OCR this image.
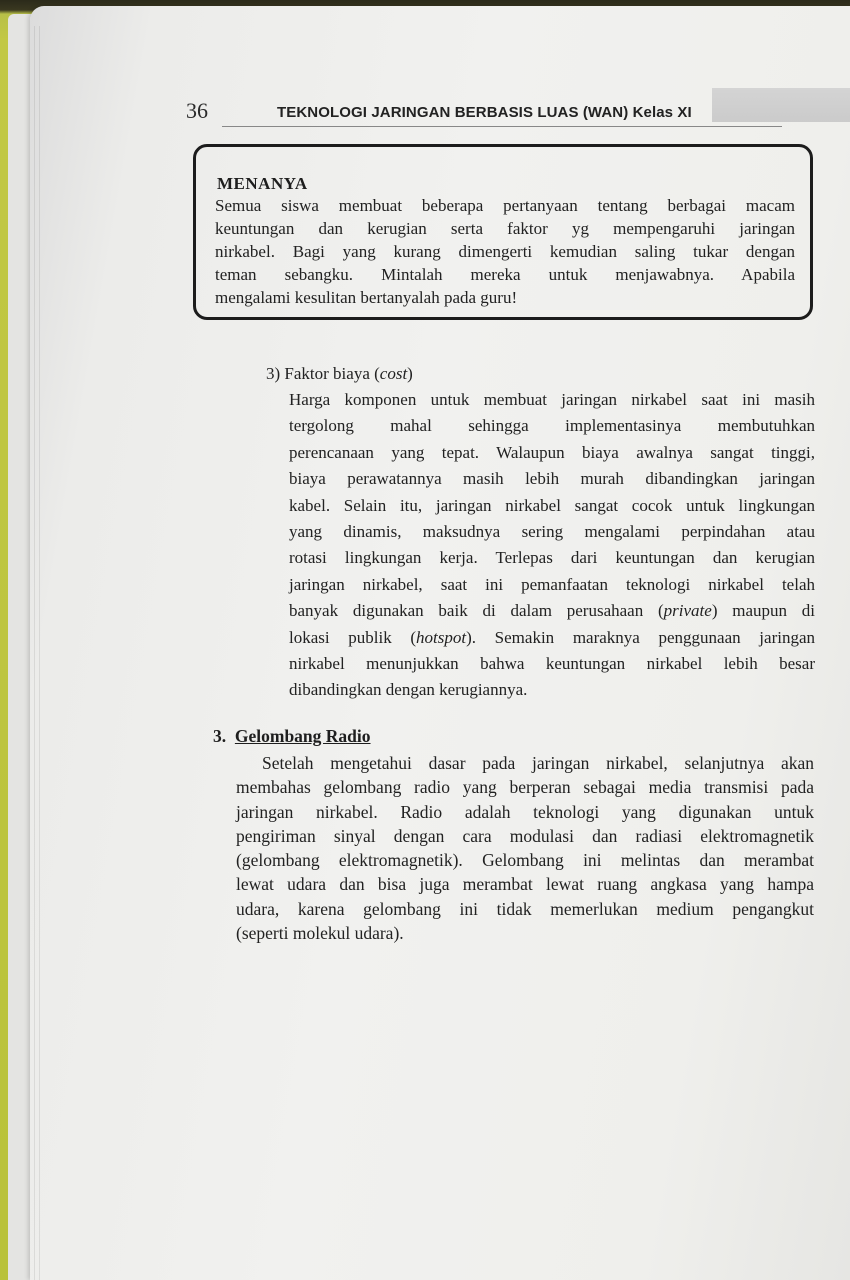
36	TEKNOLOGI JARINGAN BERBASIS LUAS (WAN) Kelas XI
MENANYA
Semua siswa membuat beberapa pertanyaan tentang berbagai macam
keuntungan dan kerugian serta faktor yg mempengaruhi jaringan
nirkabel. Bagi yang kurang dimengerti kemudian saling tukar dengan
teman sebangku. Mintalah mereka untuk menjawabnya. Apabila
mengalami kesulitan bertanyalah pada guru!
3) Faktor biaya (cost)
Harga komponen untuk membuat jaringan nirkabel saat ini masih
tergolong mahal sehingga implementasinya membutuhkan
perencanaan yang tepat. Walaupun biaya awalnya sangat tinggi,
biaya perawatannya masih lebih murah dibandingkan jaringan
kabel. Selain itu, jaringan nirkabel sangat cocok untuk lingkungan
yang dinamis, maksudnya sering mengalami perpindahan atau
rotasi lingkungan kerja. Terlepas dari keuntungan dan kerugian
jaringan nirkabel, saat ini pemanfaatan teknologi nirkabel telah
banyak digunakan baik di dalam perusahaan (private) maupun di
lokasi publik (hotspot). Semakin maraknya penggunaan jaringan
nirkabel menunjukkan bahwa keuntungan nirkabel lebih besar
dibandingkan dengan kerugiannya.
3. Gelombang Radio
Setelah mengetahui dasar pada jaringan nirkabel, selanjutnya akan
membahas gelombang radio yang berperan sebagai media transmisi pada
jaringan nirkabel. Radio adalah teknologi yang digunakan untuk
pengiriman sinyal dengan cara modulasi dan radiasi elektromagnetik
(gelombang elektromagnetik). Gelombang ini melintas dan merambat
lewat udara dan bisa juga merambat lewat ruang angkasa yang hampa
udara, karena gelombang ini tidak memerlukan medium pengangkut
(seperti molekul udara).
